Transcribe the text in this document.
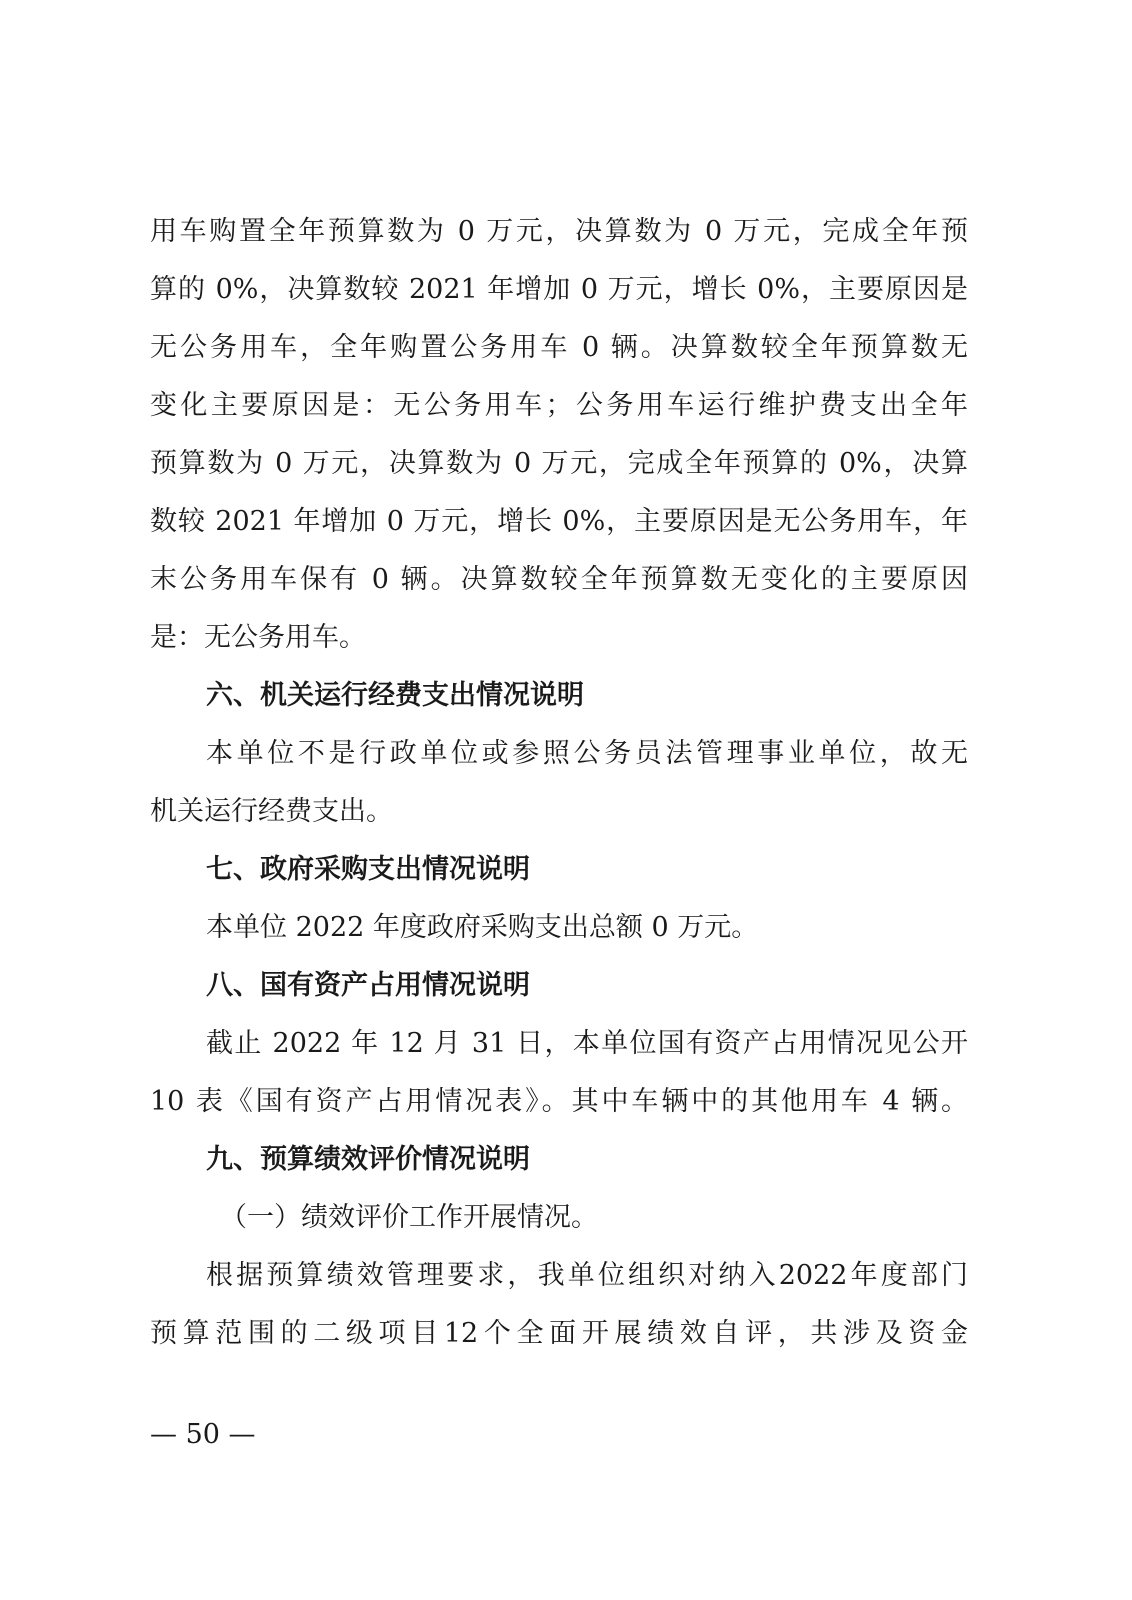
用车购置全年预算数为 0 万元，决算数为 0 万元，完成全年预
算的 0%，决算数较 2021 年增加 0 万元，增长 0%，主要原因是
无公务用车，全年购置公务用车 0 辆。决算数较全年预算数无
变化主要原因是：无公务用车；公务用车运行维护费支出全年
预算数为 0 万元，决算数为 0 万元，完成全年预算的 0%，决算
数较 2021 年增加 0 万元，增长 0%，主要原因是无公务用车，年
末公务用车保有 0 辆。决算数较全年预算数无变化的主要原因
是：无公务用车。
六、机关运行经费支出情况说明
本单位不是行政单位或参照公务员法管理事业单位，故无
机关运行经费支出。
七、政府采购支出情况说明
本单位 2022 年度政府采购支出总额 0 万元。
八、国有资产占用情况说明
截止 2022 年 12 月 31 日，本单位国有资产占用情况见公开
10 表《国有资产占用情况表》。其中车辆中的其他用车 4 辆。
九、预算绩效评价情况说明
（一）绩效评价工作开展情况。
根据预算绩效管理要求，我单位组织对纳入2022年度部门
预算范围的二级项目12个全面开展绩效自评，共涉及资金
— 50 —
